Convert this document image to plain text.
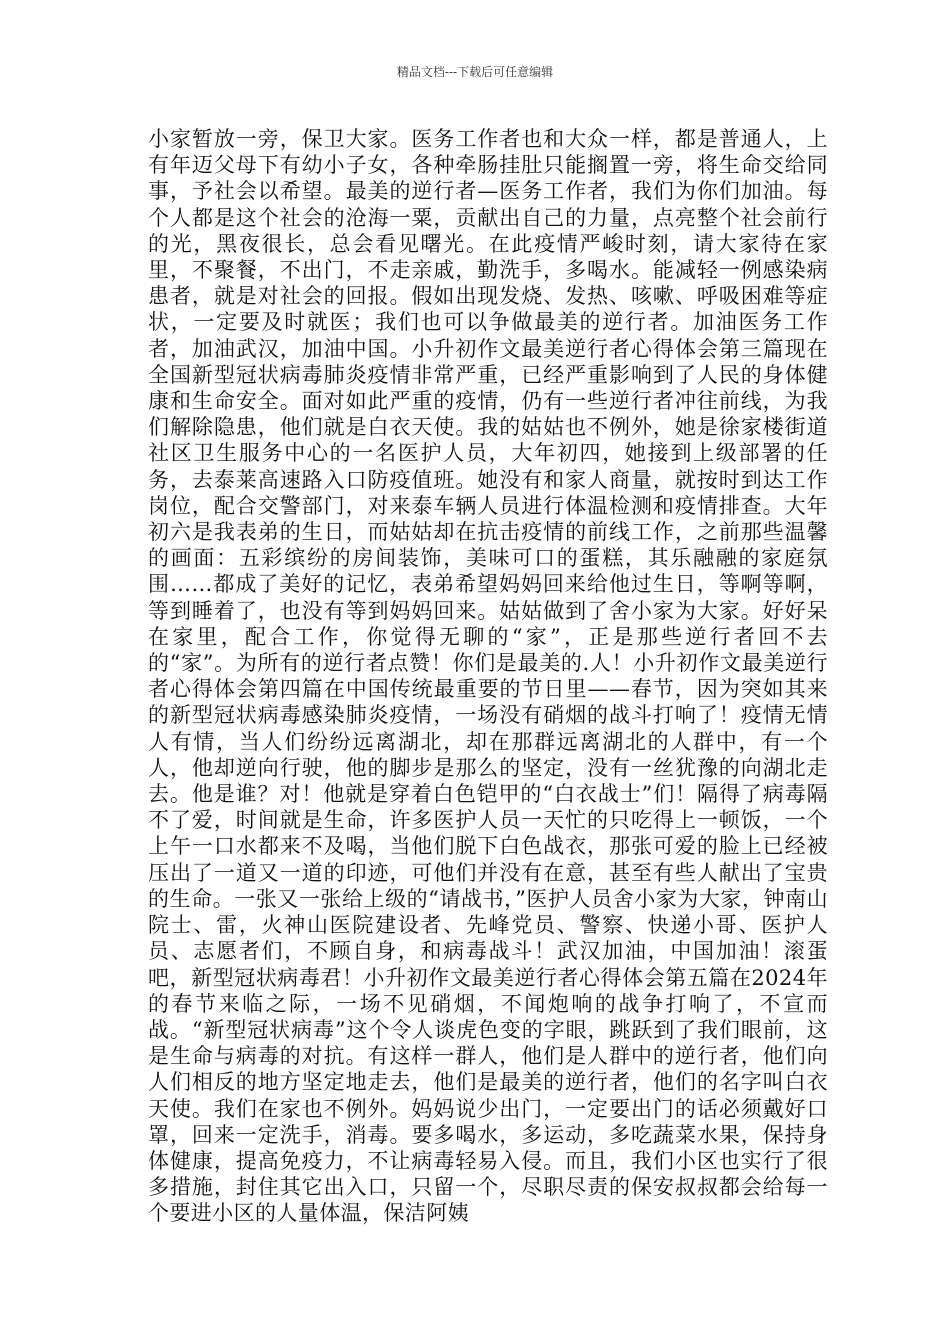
精品文档---下载后可任意编辑

小家暂放一旁，保卫大家。医务工作者也和大众一样，都是普通人，上有年迈父母下有幼小子女，各种牵肠挂肚只能搁置一旁，将生命交给同事，予社会以希望。最美的逆行者—医务工作者，我们为你们加油。每个人都是这个社会的沧海一粟，贡献出自己的力量，点亮整个社会前行的光，黑夜很长，总会看见曙光。在此疫情严峻时刻，请大家待在家里，不聚餐，不出门，不走亲戚，勤洗手，多喝水。能减轻一例感染病患者，就是对社会的回报。假如出现发烧、发热、咳嗽、呼吸困难等症状，一定要及时就医；我们也可以争做最美的逆行者。加油医务工作者，加油武汉，加油中国。小升初作文最美逆行者心得体会第三篇现在全国新型冠状病毒肺炎疫情非常严重，已经严重影响到了人民的身体健康和生命安全。面对如此严重的疫情，仍有一些逆行者冲往前线，为我们解除隐患，他们就是白衣天使。我的姑姑也不例外，她是徐家楼街道社区卫生服务中心的一名医护人员，大年初四，她接到上级部署的任务，去泰莱高速路入口防疫值班。她没有和家人商量，就按时到达工作岗位，配合交警部门，对来泰车辆人员进行体温检测和疫情排查。大年初六是我表弟的生日，而姑姑却在抗击疫情的前线工作，之前那些温馨的画面：五彩缤纷的房间装饰，美味可口的蛋糕，其乐融融的家庭氛围……都成了美好的记忆，表弟希望妈妈回来给他过生日，等啊等啊，等到睡着了，也没有等到妈妈回来。姑姑做到了舍小家为大家。好好呆在家里，配合工作，你觉得无聊的“家”，正是那些逆行者回不去的“家”。为所有的逆行者点赞！你们是最美的.人！小升初作文最美逆行者心得体会第四篇在中国传统最重要的节日里——春节，因为突如其来的新型冠状病毒感染肺炎疫情，一场没有硝烟的战斗打响了！疫情无情人有情，当人们纷纷远离湖北，却在那群远离湖北的人群中，有一个人，他却逆向行驶，他的脚步是那么的坚定，没有一丝犹豫的向湖北走去。他是谁？对！他就是穿着白色铠甲的“白衣战士”们！隔得了病毒隔不了爱，时间就是生命，许多医护人员一天忙的只吃得上一顿饭，一个上午一口水都来不及喝，当他们脱下白色战衣，那张可爱的脸上已经被压出了一道又一道的印迹，可他们并没有在意，甚至有些人献出了宝贵的生命。一张又一张给上级的“请战书，”医护人员舍小家为大家，钟南山院士、雷，火神山医院建设者、先峰党员、警察、快递小哥、医护人员、志愿者们，不顾自身，和病毒战斗！武汉加油，中国加油！滚蛋吧，新型冠状病毒君！小升初作文最美逆行者心得体会第五篇在2024年的春节来临之际，一场不见硝烟，不闻炮响的战争打响了，不宣而战。“新型冠状病毒”这个令人谈虎色变的字眼，跳跃到了我们眼前，这是生命与病毒的对抗。有这样一群人，他们是人群中的逆行者，他们向人们相反的地方坚定地走去，他们是最美的逆行者，他们的名字叫白衣天使。我们在家也不例外。妈妈说少出门，一定要出门的话必须戴好口罩，回来一定洗手，消毒。要多喝水，多运动，多吃蔬菜水果，保持身体健康，提高免疫力，不让病毒轻易入侵。而且，我们小区也实行了很多措施，封住其它出入口，只留一个，尽职尽责的保安叔叔都会给每一个要进小区的人量体温，保洁阿姨
